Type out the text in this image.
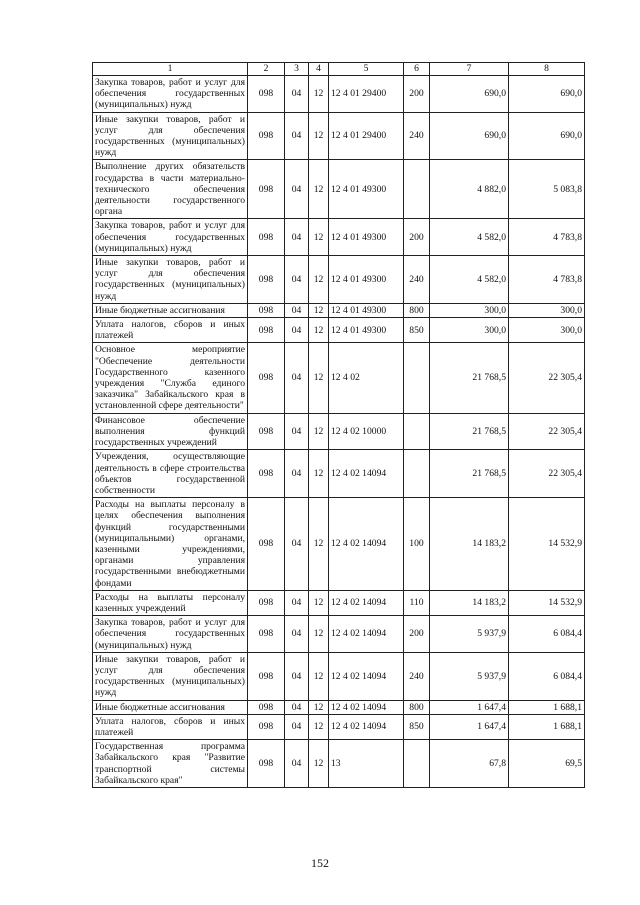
1	2	3	4	5	6	7	8
Закупка товаров, работ и услуг для обеспечения государственных (муниципальных) нужд	098	04	12	12 4 01 29400	200	690,0	690,0
Иные закупки товаров, работ и услуг для обеспечения государственных (муниципальных) нужд	098	04	12	12 4 01 29400	240	690,0	690,0
Выполнение других обязательств государства в части материально-технического обеспечения деятельности государственного органа	098	04	12	12 4 01 49300		4 882,0	5 083,8
Закупка товаров, работ и услуг для обеспечения государственных (муниципальных) нужд	098	04	12	12 4 01 49300	200	4 582,0	4 783,8
Иные закупки товаров, работ и услуг для обеспечения государственных (муниципальных) нужд	098	04	12	12 4 01 49300	240	4 582,0	4 783,8
Иные бюджетные ассигнования	098	04	12	12 4 01 49300	800	300,0	300,0
Уплата налогов, сборов и иных платежей	098	04	12	12 4 01 49300	850	300,0	300,0
Основное мероприятие "Обеспечение деятельности Государственного казенного учреждения "Служба единого заказчика" Забайкальского края в установленной сфере деятельности"	098	04	12	12 4 02		21 768,5	22 305,4
Финансовое обеспечение выполнения функций государственных учреждений	098	04	12	12 4 02 10000		21 768,5	22 305,4
Учреждения, осуществляющие деятельность в сфере строительства объектов государственной собственности	098	04	12	12 4 02 14094		21 768,5	22 305,4
Расходы на выплаты персоналу в целях обеспечения выполнения функций государственными (муниципальными) органами, казенными учреждениями, органами управления государственными внебюджетными фондами	098	04	12	12 4 02 14094	100	14 183,2	14 532,9
Расходы на выплаты персоналу казенных учреждений	098	04	12	12 4 02 14094	110	14 183,2	14 532,9
Закупка товаров, работ и услуг для обеспечения государственных (муниципальных) нужд	098	04	12	12 4 02 14094	200	5 937,9	6 084,4
Иные закупки товаров, работ и услуг для обеспечения государственных (муниципальных) нужд	098	04	12	12 4 02 14094	240	5 937,9	6 084,4
Иные бюджетные ассигнования	098	04	12	12 4 02 14094	800	1 647,4	1 688,1
Уплата налогов, сборов и иных платежей	098	04	12	12 4 02 14094	850	1 647,4	1 688,1
Государственная программа Забайкальского края "Развитие транспортной системы Забайкальского края"	098	04	12	13		67,8	69,5
152
